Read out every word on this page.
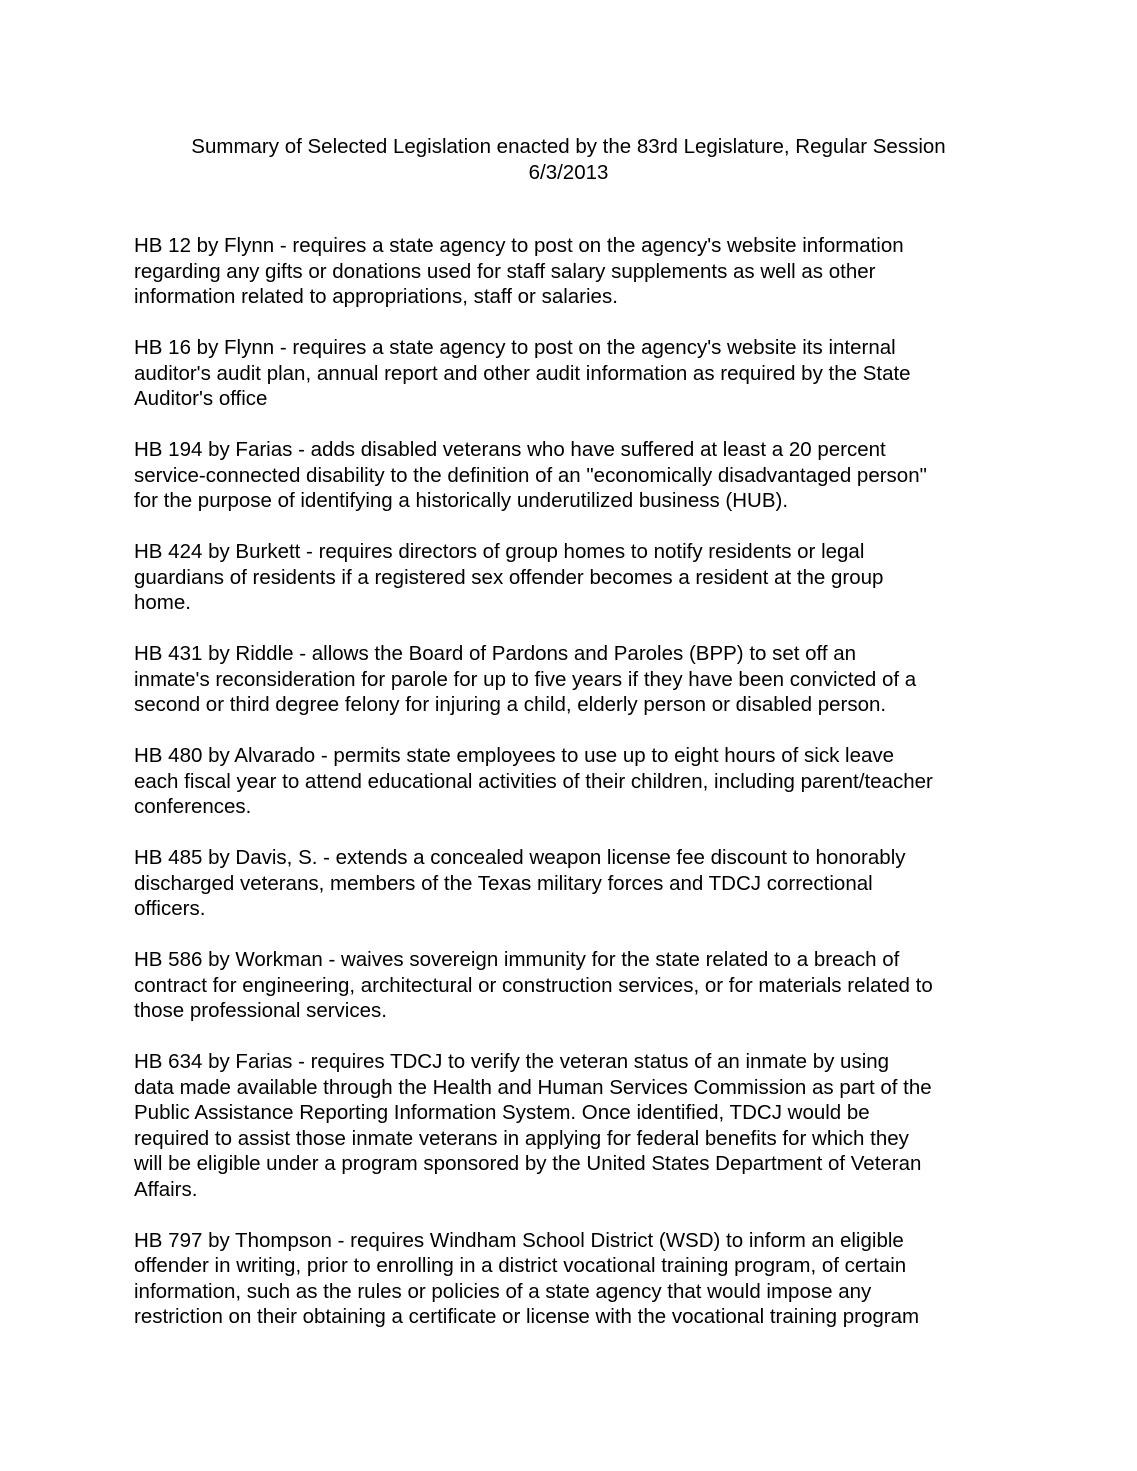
Summary of Selected Legislation enacted by the 83rd Legislature, Regular Session
6/3/2013
HB 12 by Flynn - requires a state agency to post on the agency's website information
regarding any gifts or donations used for staff salary supplements as well as other
information related to appropriations, staff or salaries.
HB 16 by Flynn - requires a state agency to post on the agency's website its internal
auditor's audit plan, annual report and other audit information as required by the State
Auditor's office
HB 194 by Farias - adds disabled veterans who have suffered at least a 20 percent
service-connected disability to the definition of an "economically disadvantaged person"
for the purpose of identifying a historically underutilized business (HUB).
HB 424 by Burkett - requires directors of group homes to notify residents or legal
guardians of residents if a registered sex offender becomes a resident at the group
home.
HB 431 by Riddle - allows the Board of Pardons and Paroles (BPP) to set off an
inmate's reconsideration for parole for up to five years if they have been convicted of a
second or third degree felony for injuring a child, elderly person or disabled person.
HB 480 by Alvarado - permits state employees to use up to eight hours of sick leave
each fiscal year to attend educational activities of their children, including parent/teacher
conferences.
HB 485 by Davis, S. - extends a concealed weapon license fee discount to honorably
discharged veterans, members of the Texas military forces and TDCJ correctional
officers.
HB 586 by Workman - waives sovereign immunity for the state related to a breach of
contract for engineering, architectural or construction services, or for materials related to
those professional services.
HB 634 by Farias - requires TDCJ to verify the veteran status of an inmate by using
data made available through the Health and Human Services Commission as part of the
Public Assistance Reporting Information System. Once identified, TDCJ would be
required to assist those inmate veterans in applying for federal benefits for which they
will be eligible under a program sponsored by the United States Department of Veteran
Affairs.
HB 797 by Thompson - requires Windham School District (WSD) to inform an eligible
offender in writing, prior to enrolling in a district vocational training program, of certain
information, such as the rules or policies of a state agency that would impose any
restriction on their obtaining a certificate or license with the vocational training program
